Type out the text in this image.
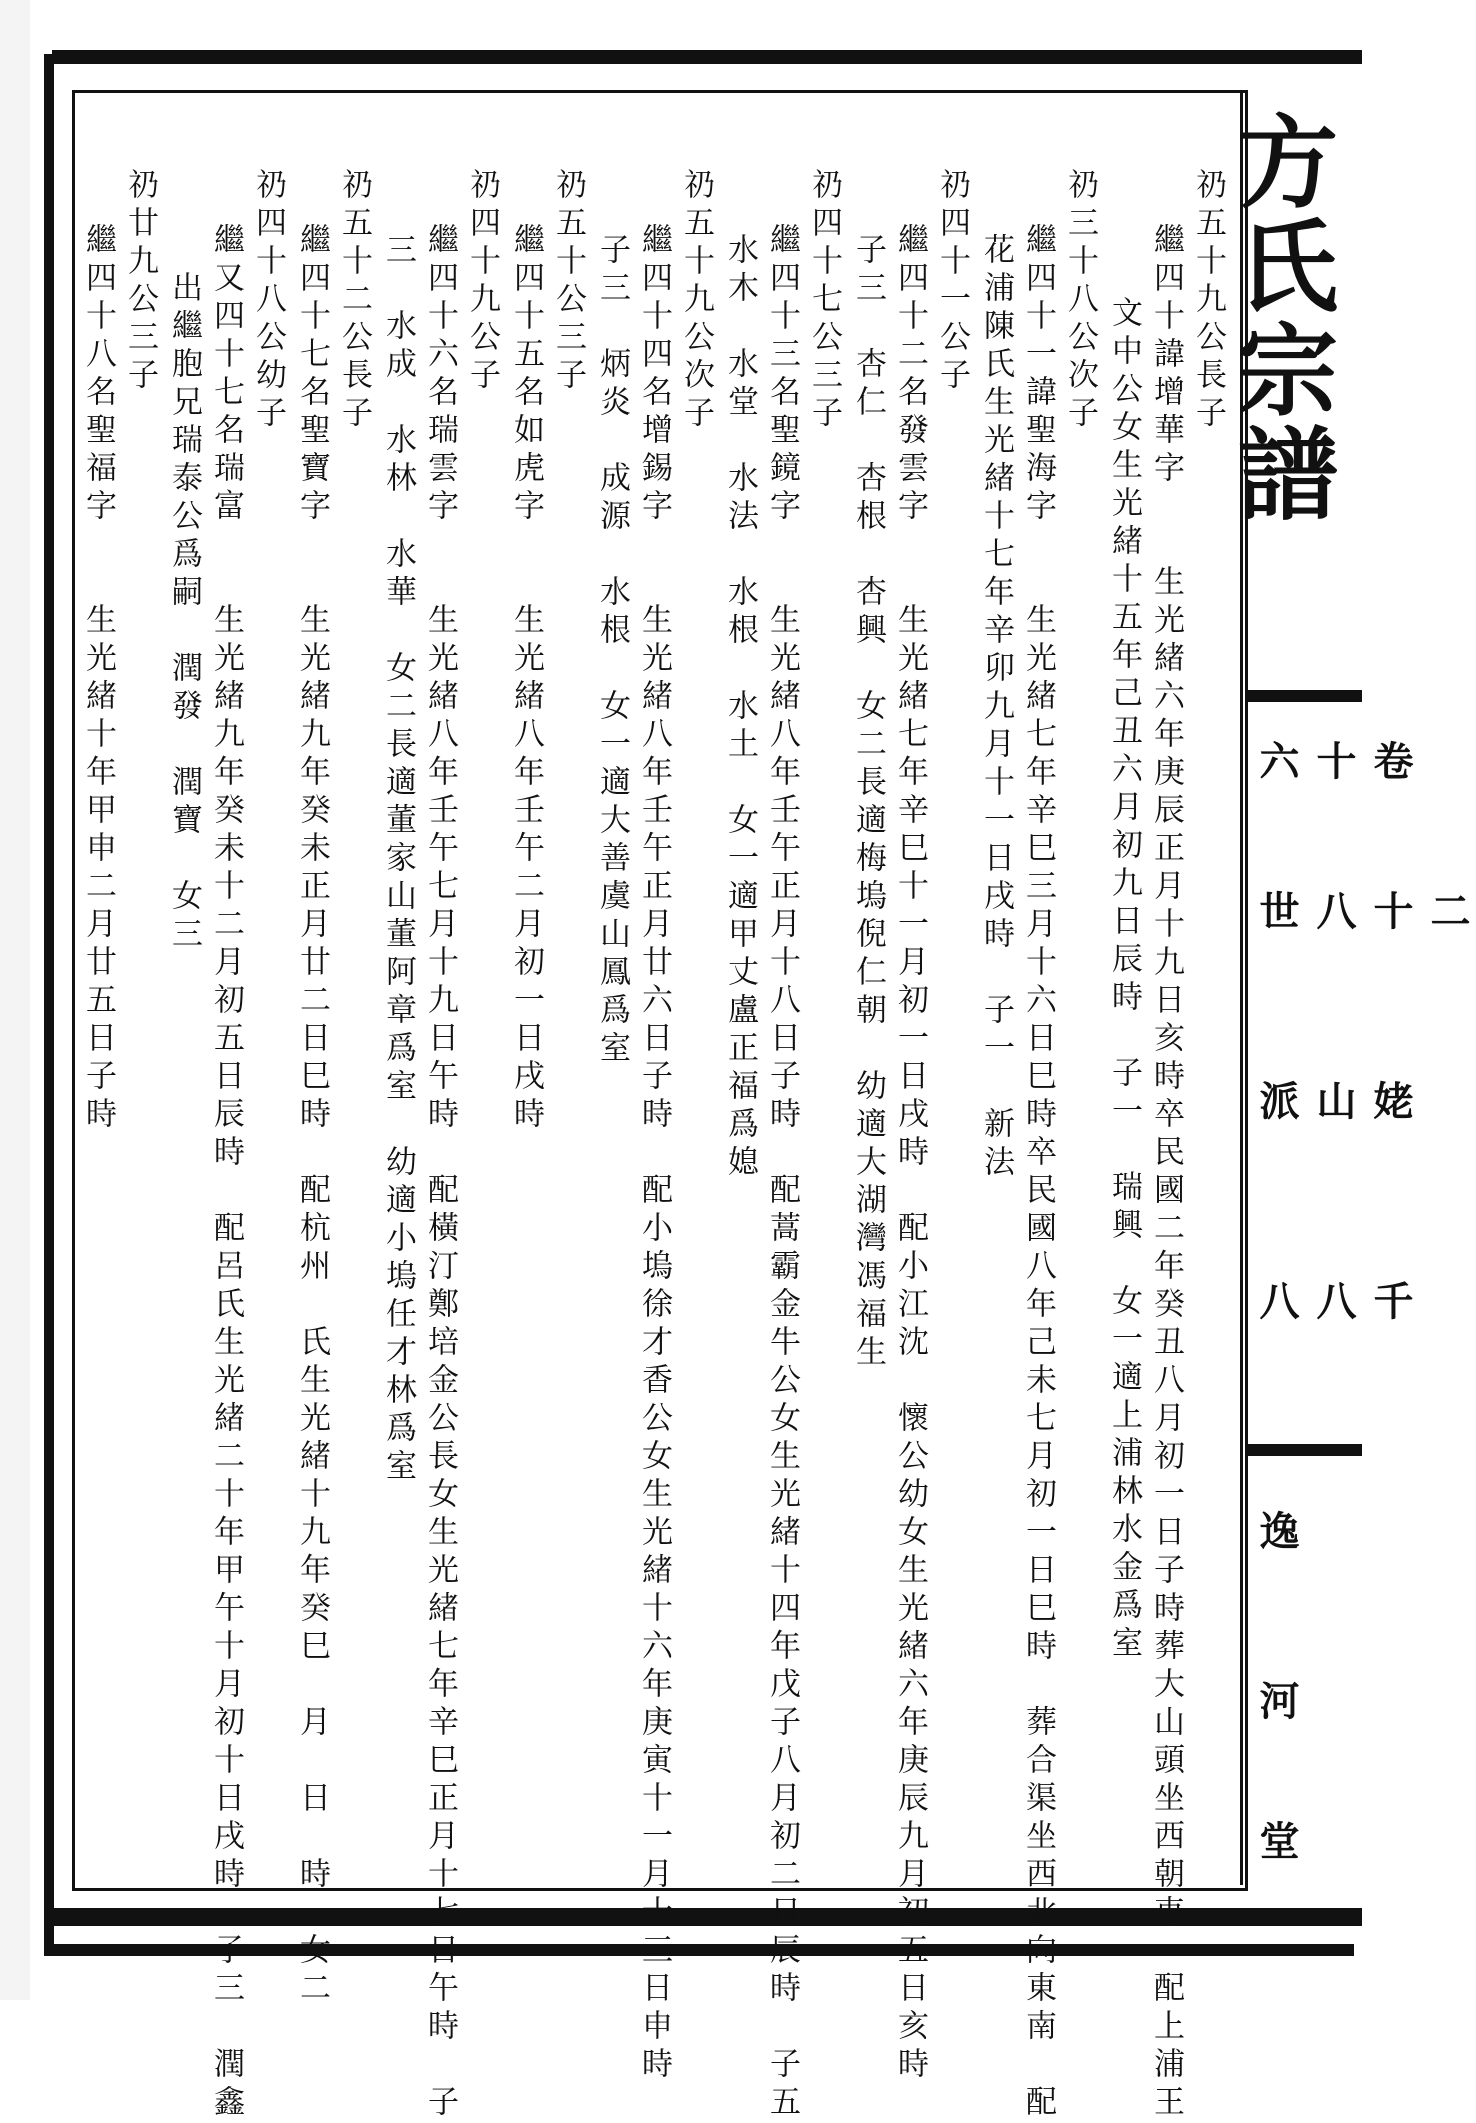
方氏宗譜
卷十六
二十八世
姥山派
千八八
逸
河
堂
礽五十九公長子
　繼四十諱增華字　　生光緒六年庚辰正月十九日亥時卒民國二年癸丑八月初一日子時葬大山頭坐西朝東　配上浦王
　　文中公女生光緒十五年己丑六月初九日辰時　子一　瑞興　女一適上浦林水金爲室
礽三十八公次子
　繼四十一諱聖海字　　生光緒七年辛巳三月十六日巳時卒民國八年己未七月初一日巳時　葬合渠坐西北向東南　配
　花浦陳氏生光緒十七年辛卯九月十一日戌時　子一　新法
礽四十一公子
　繼四十二名發雲字　　生光緒七年辛巳十一月初一日戌時　配小江沈　懷公幼女生光緒六年庚辰九月初五日亥時
　子三　杏仁　杏根　杏興　女二長適梅塢倪仁朝　幼適大湖灣馮福生
礽四十七公三子
　繼四十三名聖鏡字　　生光緒八年壬午正月十八日子時　配蒿霸金牛公女生光緒十四年戊子八月初二日辰時　子五
　水木　水堂　水法　水根　水土　女一適甲丈盧正福爲媳
礽五十九公次子
　繼四十四名增錫字　　生光緒八年壬午正月廿六日子時　配小塢徐才香公女生光緒十六年庚寅十一月十三日申時
　子三　炳炎　成源　水根　女一適大善虞山鳳爲室
礽五十公三子
　繼四十五名如虎字　　生光緒八年壬午二月初一日戌時
礽四十九公子
　繼四十六名瑞雲字　　生光緒八年壬午七月十九日午時　配橫汀鄭培金公長女生光緒七年辛巳正月十七日午時　子
　三　水成　水林　水華　女二長適董家山董阿章爲室　幼適小塢任才林爲室
礽五十二公長子
　繼四十七名聖寶字　　生光緒九年癸未正月廿二日巳時　配杭州　氏生光緒十九年癸巳　月　日　時　女二
礽四十八公幼子
　繼又四十七名瑞富　　生光緒九年癸未十二月初五日辰時　配呂氏生光緒二十年甲午十月初十日戌時　子三　潤鑫
　　出繼胞兄瑞泰公爲嗣　潤發　潤寶　女三
礽廿九公三子
　繼四十八名聖福字　　生光緒十年甲申二月廿五日子時
